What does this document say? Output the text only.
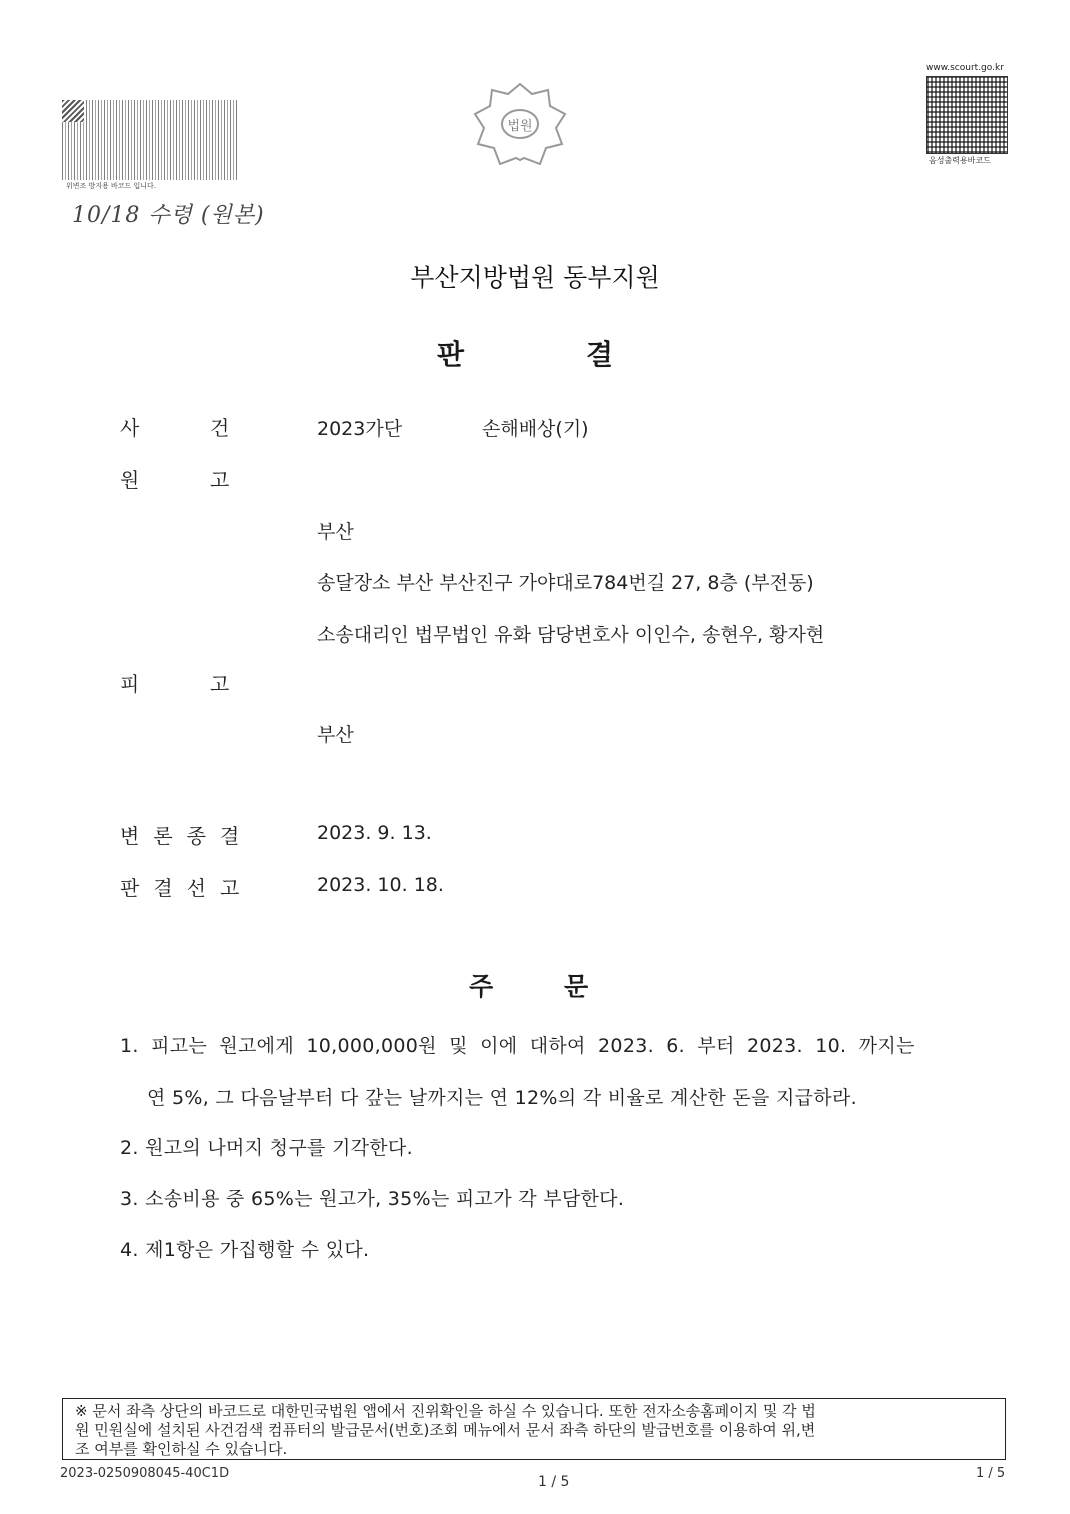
위변조 방지용 바코드 입니다.
10/18 수령 (원본)
법원
www.scourt.go.kr
음성출력용바코드
부산지방법원 동부지원
판	결
사	건	2023가단	손해배상(기)
원	고
부산
송달장소 부산 부산진구 가야대로784번길 27, 8층 (부전동)
소송대리인 법무법인 유화 담당변호사 이인수, 송현우, 황자현
피	고
부산
변론종결	2023. 9. 13.
판결선고	2023. 10. 18.
주	문
1. 피고는 원고에게 10,000,000원 및 이에 대하여 2023. 6. 부터 2023. 10. 까지는
연 5%, 그 다음날부터 다 갚는 날까지는 연 12%의 각 비율로 계산한 돈을 지급하라.
2. 원고의 나머지 청구를 기각한다.
3. 소송비용 중 65%는 원고가, 35%는 피고가 각 부담한다.
4. 제1항은 가집행할 수 있다.
※ 문서 좌측 상단의 바코드로 대한민국법원 앱에서 진위확인을 하실 수 있습니다. 또한 전자소송홈페이지 및 각 법
원 민원실에 설치된 사건검색 컴퓨터의 발급문서(번호)조회 메뉴에서 문서 좌측 하단의 발급번호를 이용하여 위,변
조 여부를 확인하실 수 있습니다.
2023-0250908045-40C1D
1 / 5
1 / 5
